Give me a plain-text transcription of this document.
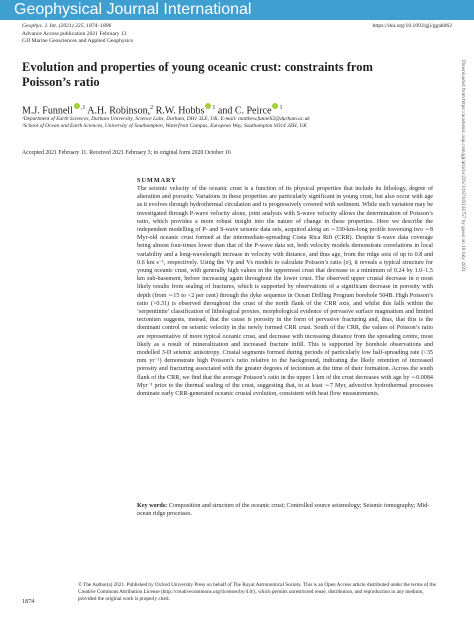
Geophysical Journal International
Geophys. J. Int. (2021) 225, 1874–1896
Advance Access publication 2021 February 13
GJI Marine Geosciences and Applied Geophysics
https://doi.org/10.1093/gji/ggab062
Evolution and properties of young oceanic crust: constraints from
Poisson’s ratio
M.J. Funnell $^{,1}$ A.H. Robinson,$^2$ R.W. Hobbs $^1$ and C. Peirce $^1$
¹Department of Earth Sciences, Durham University, Science Labs, Durham, DH1 3LE, UK. E-mail: matthew.funnell2@durham.ac.uk
²School of Ocean and Earth Sciences, University of Southampton, Waterfront Campus, European Way, Southampton SO14 3ZH, UK
Accepted 2021 February 11. Received 2021 February 3; in original form 2020 October 16
SUMMARY
The seismic velocity of the oceanic crust is a function of its physical properties that include its lithology, degree of alteration and porosity. Variations in these properties are particularly significant in young crust, but also occur with age as it evolves through hydrothermal circulation and is progressively covered with sediment. While such variation may be investigated through P-wave velocity alone, joint analysis with S-wave velocity allows the determination of Poisson’s ratio, which provides a more robust insight into the nature of change in these properties. Here we describe the independent modelling of P- and S-wave seismic data sets, acquired along an ∼330-km-long profile traversing two ∼8 Myr-old oceanic crust formed at the intermediate-spreading Costa Rica Rift (CRR). Despite S-wave data coverage being almost four-times lower than that of the P-wave data set, both velocity models demonstrate correlations in local variability and a long-wavelength increase in velocity with distance, and thus age, from the ridge axis of up to 0.8 and 0.6 km s⁻¹, respectively. Using the Vp and Vs models to calculate Poisson’s ratio (σ), it reveals a typical structure for young oceanic crust, with generally high values in the uppermost crust that decrease to a minimum of 0.24 by 1.0–1.5 km sub-basement, before increasing again throughout the lower crust. The observed upper crustal decrease in σ most likely results from sealing of fractures, which is supported by observations of a significant decrease in porosity with depth (from ∼15 to <2 per cent) through the dyke sequence in Ocean Drilling Program borehole 504B. High Poisson’s ratio (>0.31) is observed throughout the crust of the north flank of the CRR axis, and whilst this falls within the ‘serpentinite’ classification of lithological proxies, morphological evidence of pervasive surface magmatism and limited tectonism suggests, instead, that the cause is porosity in the form of pervasive fracturing and, thus, that this is the dominant control on seismic velocity in the newly formed CRR crust. South of the CRR, the values of Poisson’s ratio are representative of more typical oceanic crust, and decrease with increasing distance from the spreading centre, most likely as a result of mineralization and increased fracture infill. This is supported by borehole observations and modelled 3-D seismic anisotropy. Crustal segments formed during periods of particularly low half-spreading rate (<35 mm yr⁻¹) demonstrate high Poisson’s ratio relative to the background, indicating the likely retention of increased porosity and fracturing associated with the greater degrees of tectonism at the time of their formation. Across the south flank of the CRR, we find that the average Poisson’s ratio in the upper 1 km of the crust decreases with age by ∼0.0084 Myr⁻¹ prior to the thermal sealing of the crust, suggesting that, to at least ∼7 Myr, advective hydrothermal processes dominate early CRR-generated oceanic crustal evolution, consistent with heat flow measurements.
Key words: Composition and structure of the oceanic crust; Controlled source seismology; Seismic tomography; Mid-ocean ridge processes.
© The Author(s) 2021. Published by Oxford University Press on behalf of The Royal Astronomical Society. This is an Open Access article distributed under the terms of the Creative Commons Attribution License (http://creativecommons.org/licenses/by/4.0/), which permits unrestricted reuse, distribution, and reproduction in any medium, provided the original work is properly cited.
1874
Downloaded from https://academic.oup.com/gji/article/225/3/1874/6134757 by guest on 18 July 2021
